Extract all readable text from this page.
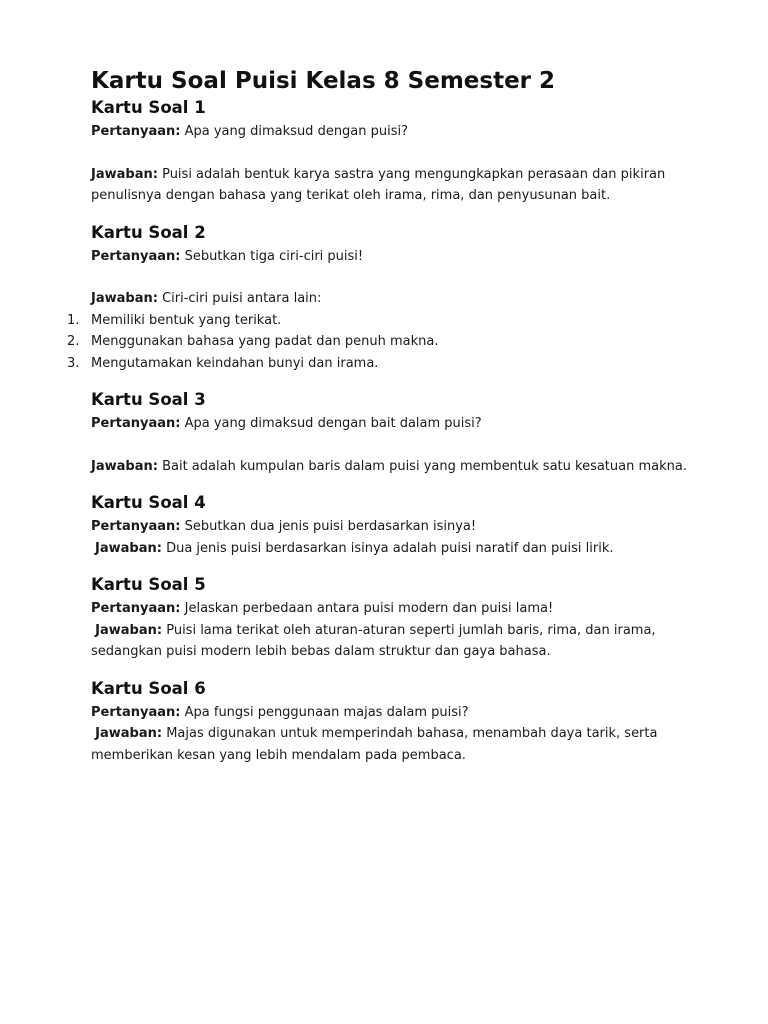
Kartu Soal Puisi Kelas 8 Semester 2
Kartu Soal 1

Pertanyaan: Apa yang dimaksud dengan puisi?

Jawaban: Puisi adalah bentuk karya sastra yang mengungkapkan perasaan dan pikiran penulisnya dengan bahasa yang terikat oleh irama, rima, dan penyusunan bait.

Kartu Soal 2

Pertanyaan: Sebutkan tiga ciri-ciri puisi!

Jawaban: Ciri-ciri puisi antara lain:

1. Memiliki bentuk yang terikat.
2. Menggunakan bahasa yang padat dan penuh makna.
3. Mengutamakan keindahan bunyi dan irama.
Kartu Soal 3

Pertanyaan: Apa yang dimaksud dengan bait dalam puisi?

Jawaban: Bait adalah kumpulan baris dalam puisi yang membentuk satu kesatuan makna.

Kartu Soal 4

Pertanyaan: Sebutkan dua jenis puisi berdasarkan isinya!

Jawaban: Dua jenis puisi berdasarkan isinya adalah puisi naratif dan puisi lirik.

Kartu Soal 5

Pertanyaan: Jelaskan perbedaan antara puisi modern dan puisi lama!

Jawaban: Puisi lama terikat oleh aturan-aturan seperti jumlah baris, rima, dan irama, sedangkan puisi modern lebih bebas dalam struktur dan gaya bahasa.

Kartu Soal 6

Pertanyaan: Apa fungsi penggunaan majas dalam puisi?

Jawaban: Majas digunakan untuk memperindah bahasa, menambah daya tarik, serta memberikan kesan yang lebih mendalam pada pembaca.
